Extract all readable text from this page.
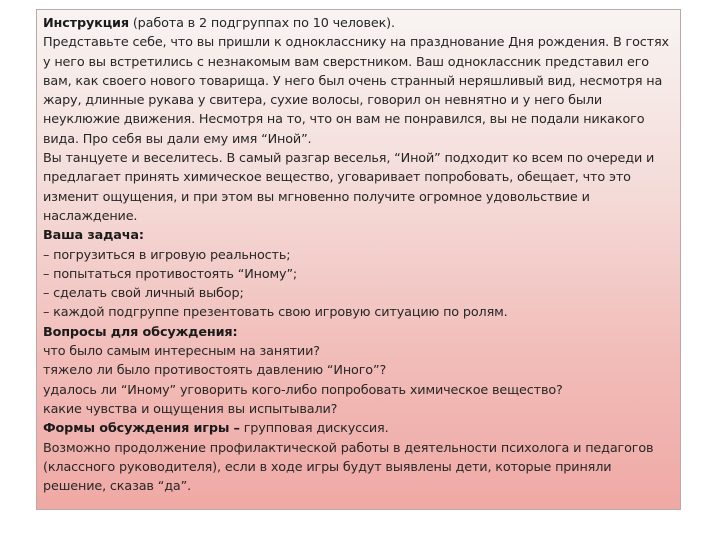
Инструкция (работа в 2 подгруппах по 10 человек).

Представьте себе, что вы пришли к однокласснику на празднование Дня рождения. В гостях у него вы встретились с незнакомым вам сверстником. Ваш одноклассник представил его вам, как своего нового товарища. У него был очень странный неряшливый вид, несмотря на жару, длинные рукава у свитера, сухие волосы, говорил он невнятно и у него были неуклюжие движения. Несмотря на то, что он вам не понравился, вы не подали никакого вида. Про себя вы дали ему имя “Иной”.

Вы танцуете и веселитесь. В самый разгар веселья, “Иной” подходит ко всем по очереди и предлагает принять химическое вещество, уговаривает попробовать, обещает, что это изменит ощущения, и при этом вы мгновенно получите огромное удовольствие и наслаждение.

Ваша задача:

– погрузиться в игровую реальность;

– попытаться противостоять “Иному”;

– сделать свой личный выбор;

– каждой подгруппе презентовать свою игровую ситуацию по ролям.

Вопросы для обсуждения:

что было самым интересным на занятии?

тяжело ли было противостоять давлению “Иного”?

удалось ли “Иному” уговорить кого-либо попробовать химическое вещество?

какие чувства и ощущения вы испытывали?

Формы обсуждения игры – групповая дискуссия.

Возможно продолжение профилактической работы в деятельности психолога и педагогов (классного руководителя), если в ходе игры будут выявлены дети, которые приняли решение, сказав “да”.
